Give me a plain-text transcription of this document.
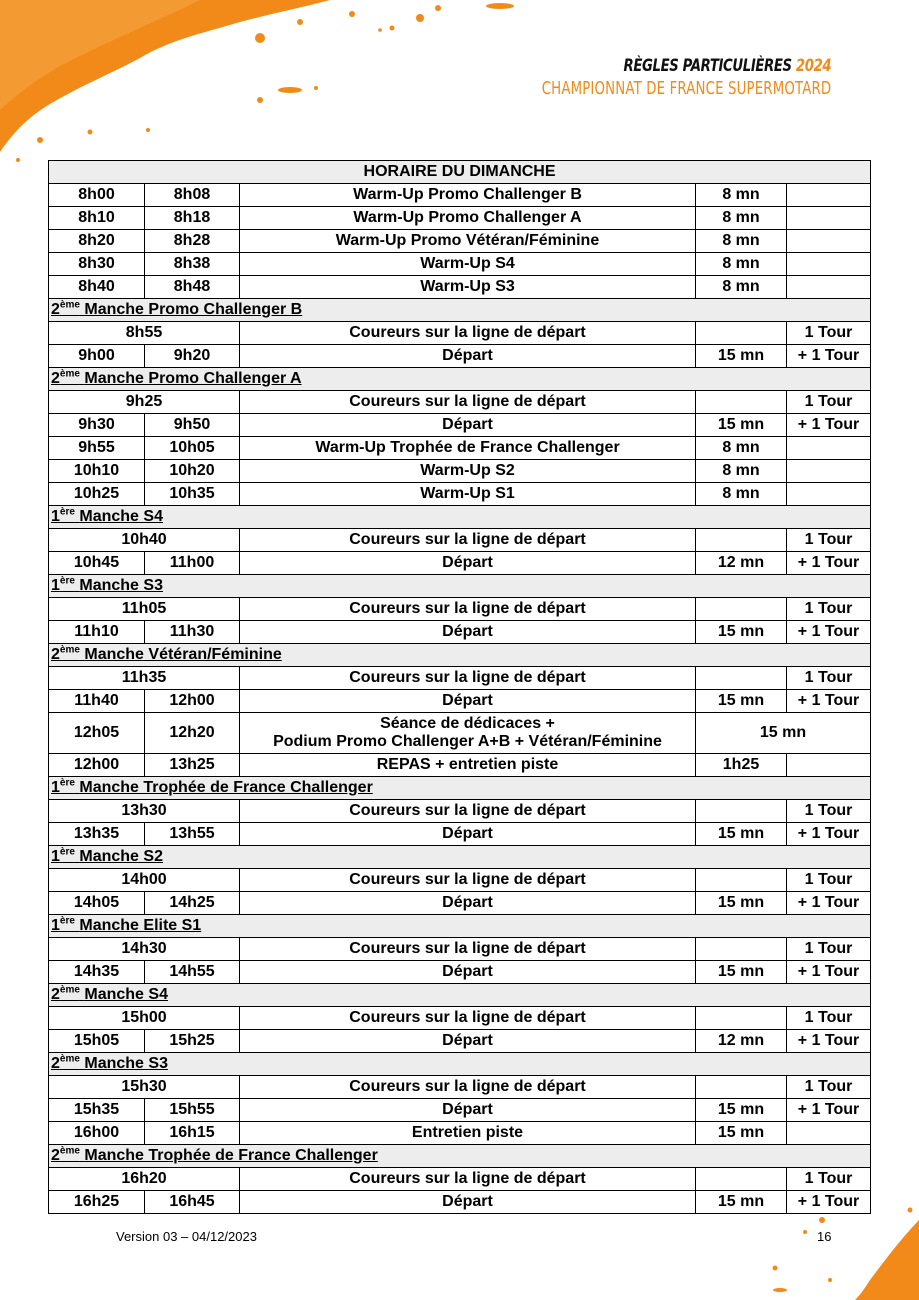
RÈGLES PARTICULIÈRES 2024
CHAMPIONNAT DE FRANCE SUPERMOTARD
HORAIRE DU DIMANCHE				
8h00	8h08	Warm-Up Promo Challenger B	8 mn	
8h10	8h18	Warm-Up Promo Challenger A	8 mn	
8h20	8h28	Warm-Up Promo Vétéran/Féminine	8 mn	
8h30	8h38	Warm-Up S4	8 mn	
8h40	8h48	Warm-Up S3	8 mn	
2ème Manche Promo Challenger B				
8h55		Coureurs sur la ligne de départ		1 Tour
9h00	9h20	Départ	15 mn	+ 1 Tour
2ème Manche Promo Challenger A				
9h25		Coureurs sur la ligne de départ		1 Tour
9h30	9h50	Départ	15 mn	+ 1 Tour
9h55	10h05	Warm-Up Trophée de France Challenger	8 mn	
10h10	10h20	Warm-Up S2	8 mn	
10h25	10h35	Warm-Up S1	8 mn	
1ère Manche S4				
10h40		Coureurs sur la ligne de départ		1 Tour
10h45	11h00	Départ	12 mn	+ 1 Tour
1ère Manche S3				
11h05		Coureurs sur la ligne de départ		1 Tour
11h10	11h30	Départ	15 mn	+ 1 Tour
2ème Manche Vétéran/Féminine				
11h35		Coureurs sur la ligne de départ		1 Tour
11h40	12h00	Départ	15 mn	+ 1 Tour
12h05	12h20	Séance de dédicaces +
Podium Promo Challenger A+B + Vétéran/Féminine	15 mn	
12h00	13h25	REPAS + entretien piste	1h25	
1ère Manche Trophée de France Challenger				
13h30		Coureurs sur la ligne de départ		1 Tour
13h35	13h55	Départ	15 mn	+ 1 Tour
1ère Manche S2				
14h00		Coureurs sur la ligne de départ		1 Tour
14h05	14h25	Départ	15 mn	+ 1 Tour
1ère Manche Elite S1				
14h30		Coureurs sur la ligne de départ		1 Tour
14h35	14h55	Départ	15 mn	+ 1 Tour
2ème Manche S4				
15h00		Coureurs sur la ligne de départ		1 Tour
15h05	15h25	Départ	12 mn	+ 1 Tour
2ème Manche S3				
15h30		Coureurs sur la ligne de départ		1 Tour
15h35	15h55	Départ	15 mn	+ 1 Tour
16h00	16h15	Entretien piste	15 mn	
2ème Manche Trophée de France Challenger				
16h20		Coureurs sur la ligne de départ		1 Tour
16h25	16h45	Départ	15 mn	+ 1 Tour
Version 03 – 04/12/2023	16
